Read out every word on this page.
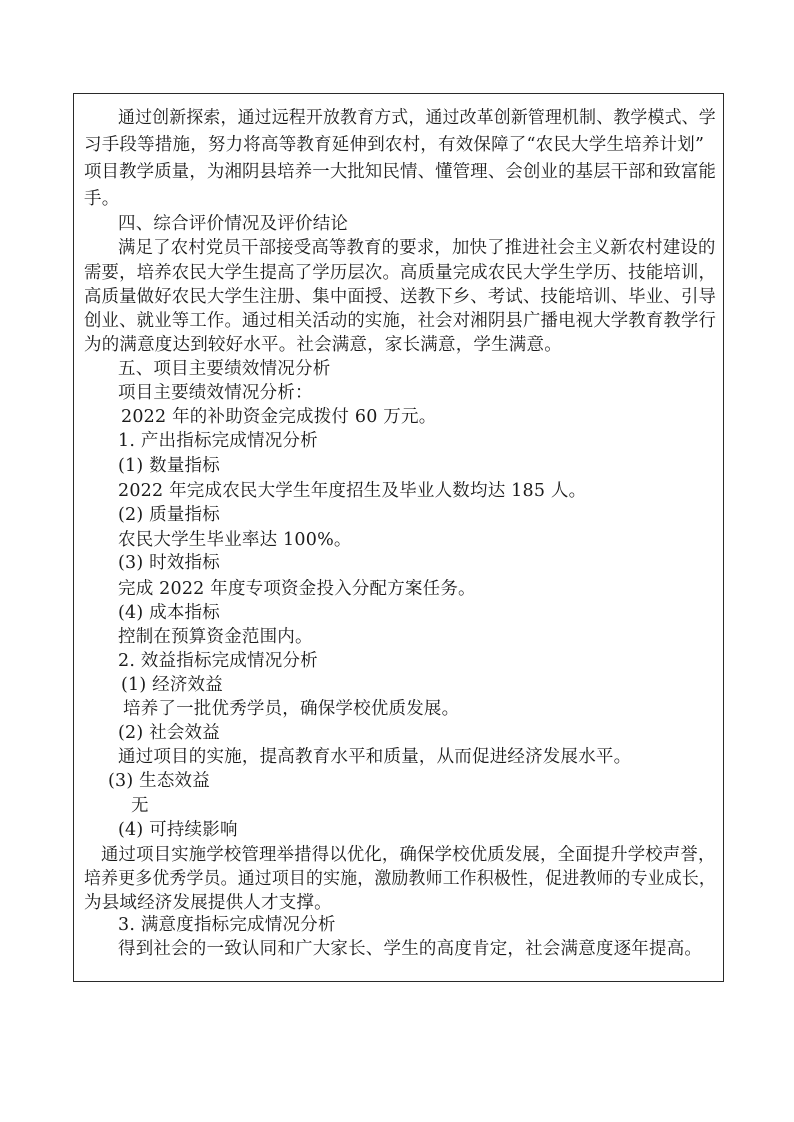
通过创新探索，通过远程开放教育方式，通过改革创新管理机制、教学模式、学
习手段等措施，努力将高等教育延伸到农村，有效保障了“农民大学生培养计划”
项目教学质量，为湘阴县培养一大批知民情、懂管理、会创业的基层干部和致富能
手。
四、综合评价情况及评价结论
满足了农村党员干部接受高等教育的要求，加快了推进社会主义新农村建设的
需要，培养农民大学生提高了学历层次。高质量完成农民大学生学历、技能培训，
高质量做好农民大学生注册、集中面授、送教下乡、考试、技能培训、毕业、引导
创业、就业等工作。通过相关活动的实施，社会对湘阴县广播电视大学教育教学行
为的满意度达到较好水平。社会满意，家长满意，学生满意。
五、项目主要绩效情况分析
项目主要绩效情况分析：
2022 年的补助资金完成拨付 60 万元。
1. 产出指标完成情况分析
(1) 数量指标
2022 年完成农民大学生年度招生及毕业人数均达 185 人。
(2) 质量指标
农民大学生毕业率达 100%。
(3) 时效指标
完成 2022 年度专项资金投入分配方案任务。
(4) 成本指标
控制在预算资金范围内。
2. 效益指标完成情况分析
(1) 经济效益
培养了一批优秀学员，确保学校优质发展。
(2) 社会效益
通过项目的实施，提高教育水平和质量，从而促进经济发展水平。
(3) 生态效益
无
(4) 可持续影响
通过项目实施学校管理举措得以优化，确保学校优质发展，全面提升学校声誉，
培养更多优秀学员。通过项目的实施，激励教师工作积极性，促进教师的专业成长，
为县域经济发展提供人才支撑。
3. 满意度指标完成情况分析
得到社会的一致认同和广大家长、学生的高度肯定，社会满意度逐年提高。
